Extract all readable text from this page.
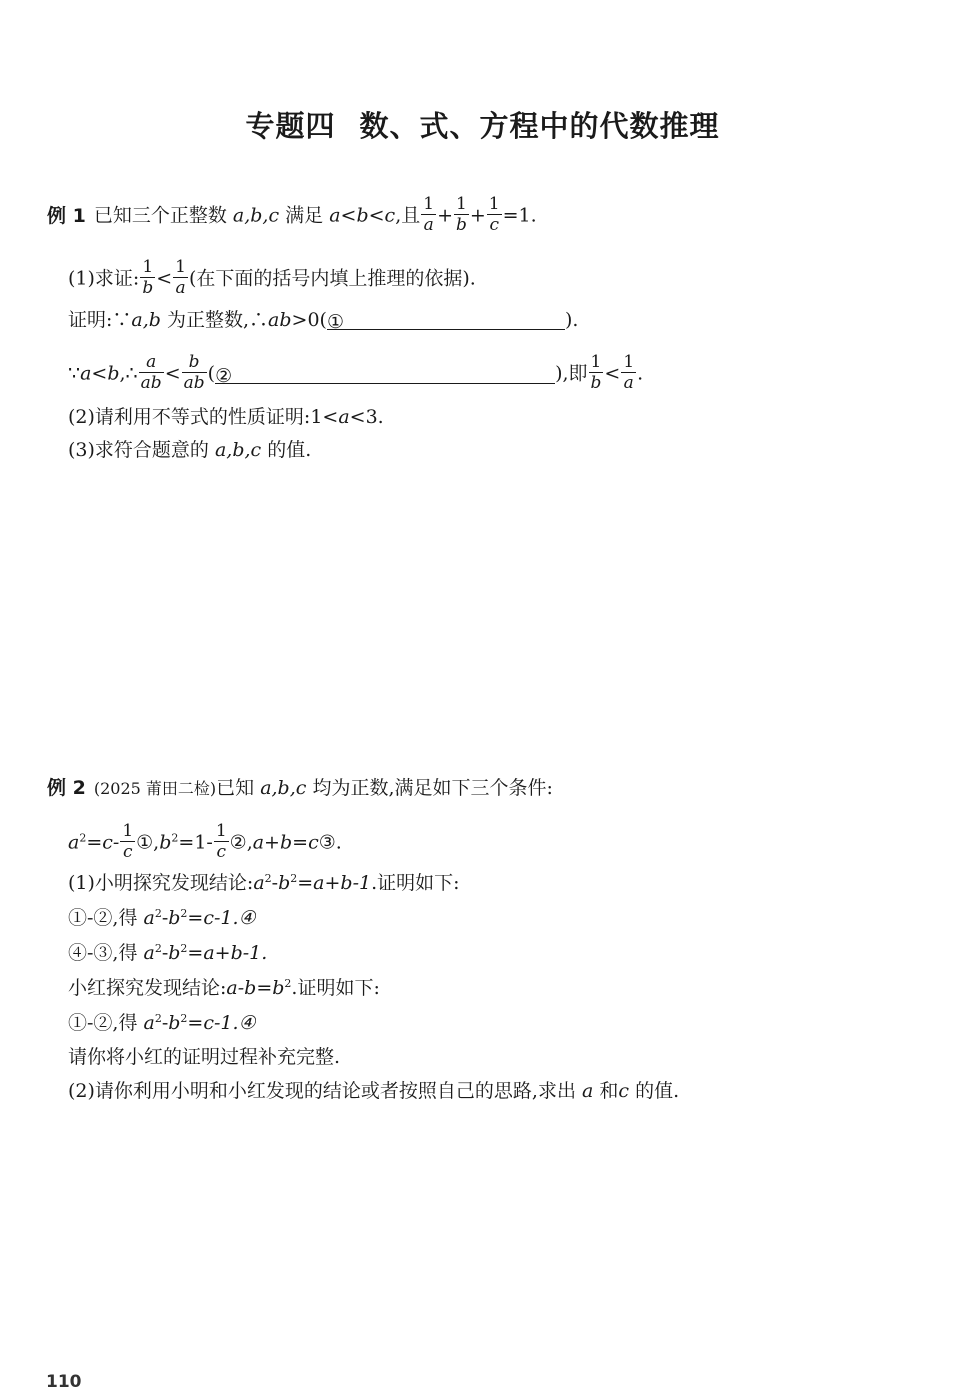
专题四 数、式、方程中的代数推理
例 1 已知三个正整数 a,b,c 满足 a<b<c,且 $\frac{1}{a} + \frac{1}{b} + \frac{1}{c} =1$.
(1)求证: $\frac{1}{b} < \frac{1}{a}$ (在下面的括号内填上推理的依据).
证明:∵a,b 为正整数,∴ab>0(①	).
∵a<b,∴ $\frac{a}{ab} < \frac{b}{ab}$ (②	),即 $\frac{1}{b} < \frac{1}{a}$ .
(2)请利用不等式的性质证明:1<a<3.
(3)求符合题意的 a,b,c 的值.
例 2 (2025 莆田二检)已知 a,b,c 均为正数,满足如下三个条件:
$a^2=c- \frac{1}{c}$ $①,b^2=1- \frac{1}{c}$ ②,a+b=c③.
(1)小明探究发现结论$:a^2-b^2=a+b-1$.证明如下:
①-②,得 $a^2-b^2=c-1.④$
④-③,得 $a^2-b^2=a+b-1$.
小红探究发现结论$:a-b=b^2$.证明如下:
①-②,得 $a^2-b^2=c-1.④$
请你将小红的证明过程补充完整.
(2)请你利用小明和小红发现的结论或者按照自己的思路,求出 a 和c 的值.
110
